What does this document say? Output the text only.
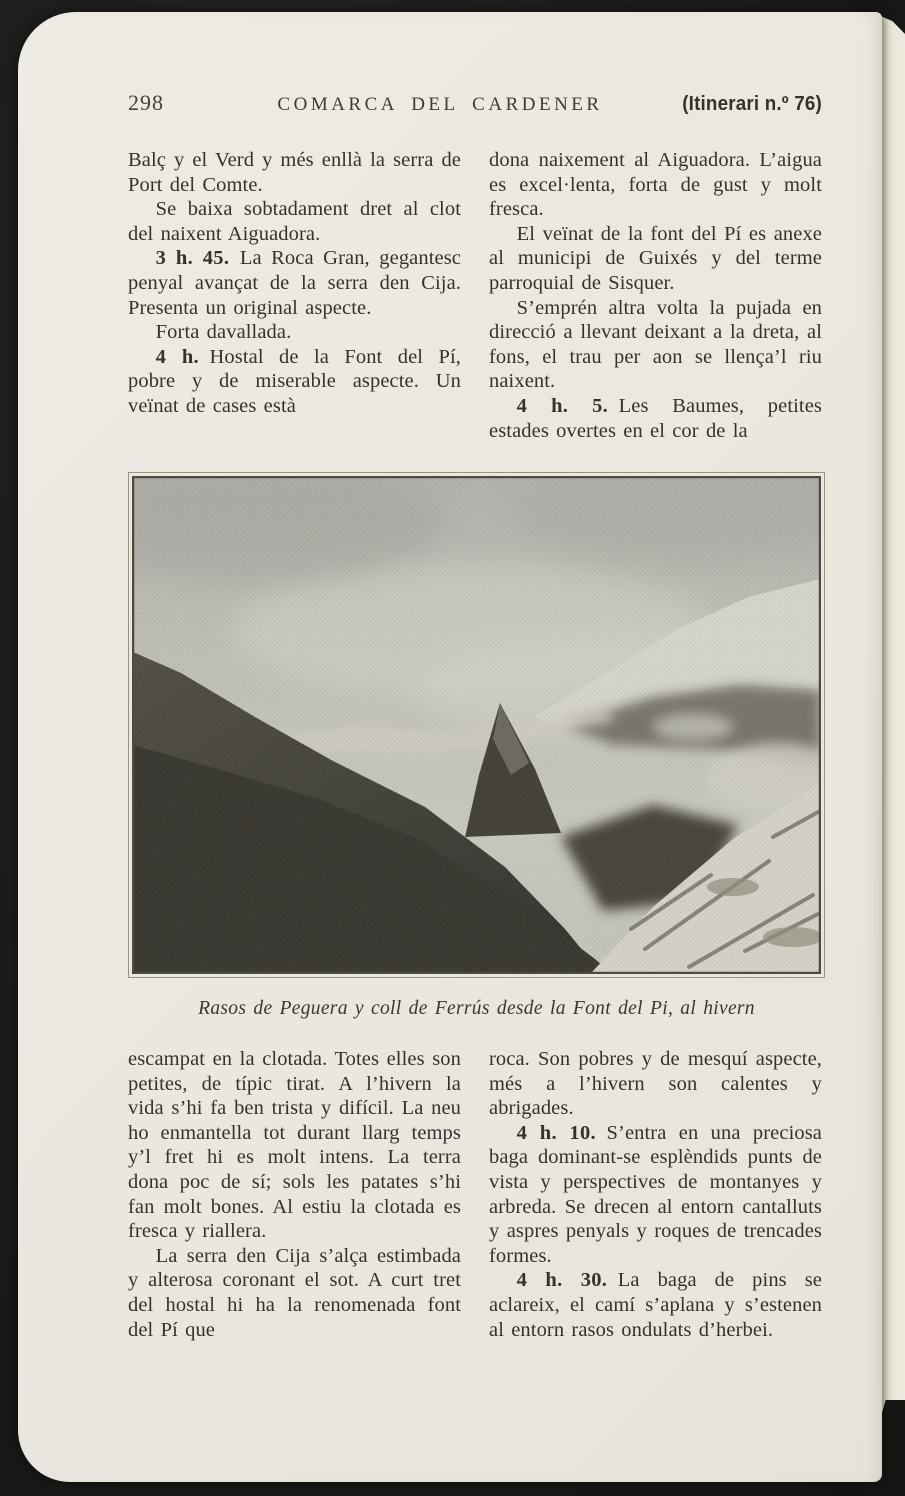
298	COMARCA DEL CARDENER	(Itinerari n.º 76)

Balç y el Verd y més enllà la serra de Port del Comte.

Se baixa sobtadament dret al clot del naixent Aiguadora.

3 h. 45. La Roca Gran, gegantesc penyal avançat de la serra den Cija. Presenta un original aspecte.

Forta davallada.

4 h. Hostal de la Font del Pí, pobre y de miserable aspecte. Un veïnat de cases està

dona naixement al Aiguadora. L’aigua es excel·lenta, forta de gust y molt fresca.

El veïnat de la font del Pí es anexe al municipi de Guixés y del terme parroquial de Sisquer.

S’emprén altra volta la pujada en direcció a llevant deixant a la dreta, al fons, el trau per aon se llença’l riu naixent.

4 h. 5. Les Baumes, petites estades overtes en el cor de la

Rasos de Peguera y coll de Ferrús desde la Font del Pi, al hivern

escampat en la clotada. Totes elles son petites, de típic tirat. A l’hivern la vida s’hi fa ben trista y difícil. La neu ho enmantella tot durant llarg temps y’l fret hi es molt intens. La terra dona poc de sí; sols les patates s’hi fan molt bones. Al estiu la clotada es fresca y riallera.

La serra den Cija s’alça estimbada y alterosa coronant el sot. A curt tret del hostal hi ha la renomenada font del Pí que

roca. Son pobres y de mesquí aspecte, més a l’hivern son calentes y abrigades.

4 h. 10. S’entra en una preciosa baga dominant-se esplèndids punts de vista y perspectives de montanyes y arbreda. Se drecen al entorn cantalluts y aspres penyals y roques de trencades formes.

4 h. 30. La baga de pins se aclareix, el camí s’aplana y s’estenen al entorn rasos ondulats d’herbei.
